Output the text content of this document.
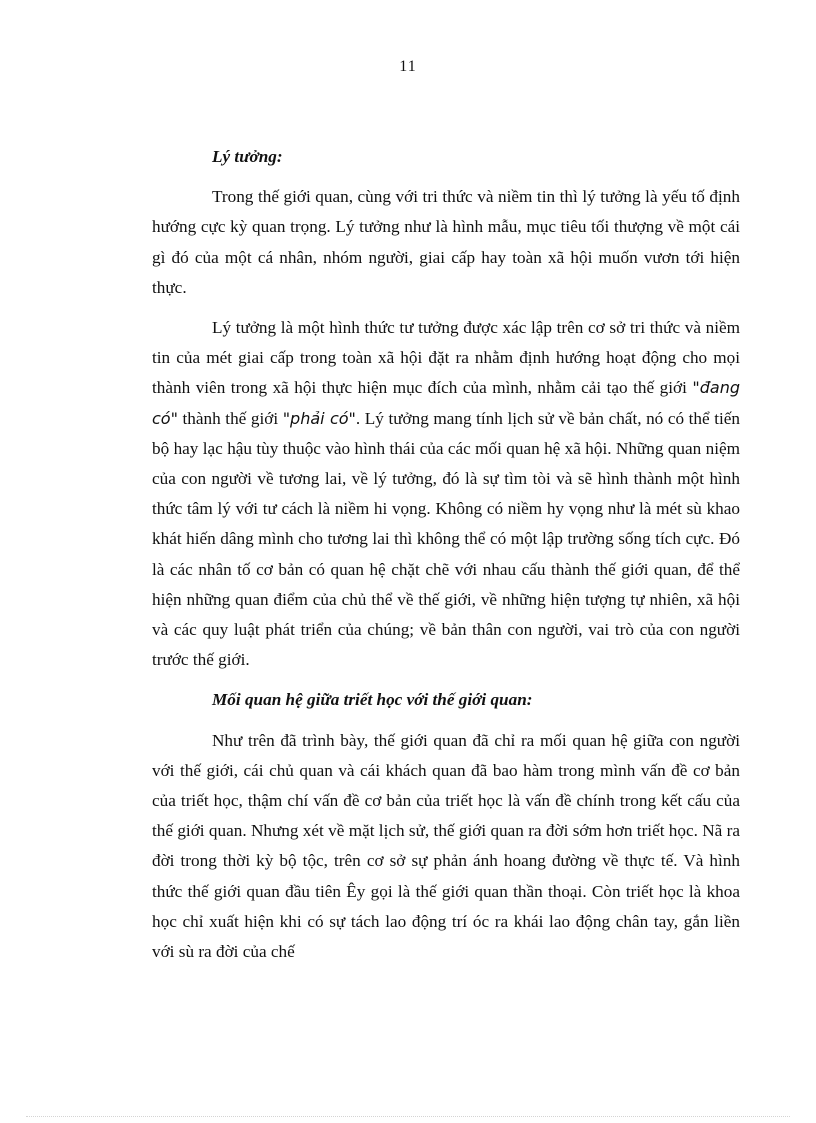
11

Lý tưởng:

Trong thế giới quan, cùng với tri thức và niềm tin thì lý tưởng là yếu tố định hướng cực kỳ quan trọng. Lý tưởng như là hình mẫu, mục tiêu tối thượng về một cái gì đó của một cá nhân, nhóm người, giai cấp hay toàn xã hội muốn vươn tới hiện thực.

Lý tưởng là một hình thức tư tưởng được xác lập trên cơ sở tri thức và niềm tin của mét giai cấp trong toàn xã hội đặt ra nhằm định hướng hoạt động cho mọi thành viên trong xã hội thực hiện mục đích của mình, nhằm cải tạo thế giới "đang có" thành thế giới "phải có". Lý tưởng mang tính lịch sử về bản chất, nó có thể tiến bộ hay lạc hậu tùy thuộc vào hình thái của các mối quan hệ xã hội. Những quan niệm của con người về tương lai, về lý tưởng, đó là sự tìm tòi và sẽ hình thành một hình thức tâm lý với tư cách là niềm hi vọng. Không có niềm hy vọng như là mét sù khao khát hiến dâng mình cho tương lai thì không thể có một lập trường sống tích cực. Đó là các nhân tố cơ bản có quan hệ chặt chẽ với nhau cấu thành thế giới quan, để thể hiện những quan điểm của chủ thể về thế giới, về những hiện tượng tự nhiên, xã hội và các quy luật phát triển của chúng; về bản thân con người, vai trò của con người trước thế giới.

Mối quan hệ giữa triết học với thế giới quan:

Như trên đã trình bày, thế giới quan đã chỉ ra mối quan hệ giữa con người với thế giới, cái chủ quan và cái khách quan đã bao hàm trong mình vấn đề cơ bản của triết học, thậm chí vấn đề cơ bản của triết học là vấn đề chính trong kết cấu của thế giới quan. Nhưng xét về mặt lịch sử, thế giới quan ra đời sớm hơn triết học. Nã ra đời trong thời kỳ bộ tộc, trên cơ sở sự phản ánh hoang đường về thực tế. Và hình thức thế giới quan đầu tiên Êy gọi là thế giới quan thần thoại. Còn triết học là khoa học chỉ xuất hiện khi có sự tách lao động trí óc ra khái lao động chân tay, gắn liền với sù ra đời của chế
